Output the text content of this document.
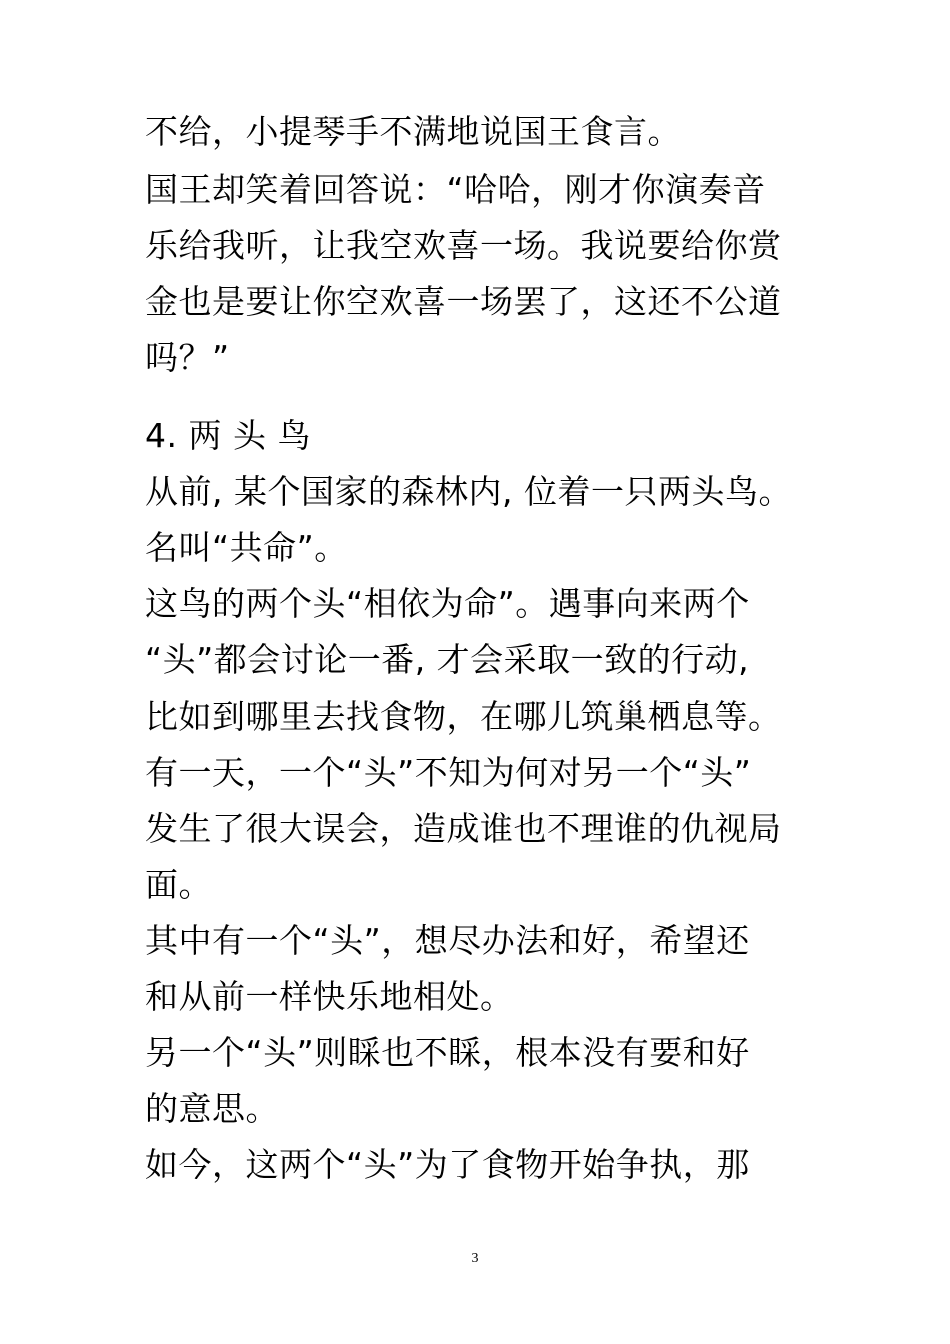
不给，小提琴手不满地说国王食言。
国王却笑着回答说：“哈哈，刚才你演奏音
乐给我听，让我空欢喜一场。我说要给你赏
金也是要让你空欢喜一场罢了，这还不公道
吗？”
4. 两 头 鸟
从前, 某个国家的森林内, 位着一只两头鸟。
名叫“共命”。
这鸟的两个头“相依为命”。遇事向来两个
“头”都会讨论一番, 才会采取一致的行动,
比如到哪里去找食物，在哪儿筑巢栖息等。
有一天，一个“头”不知为何对另一个“头”
发生了很大误会，造成谁也不理谁的仇视局
面。
其中有一个“头”，想尽办法和好，希望还
和从前一样快乐地相处。
另一个“头”则睬也不睬，根本没有要和好
的意思。
如今，这两个“头”为了食物开始争执，那
3
